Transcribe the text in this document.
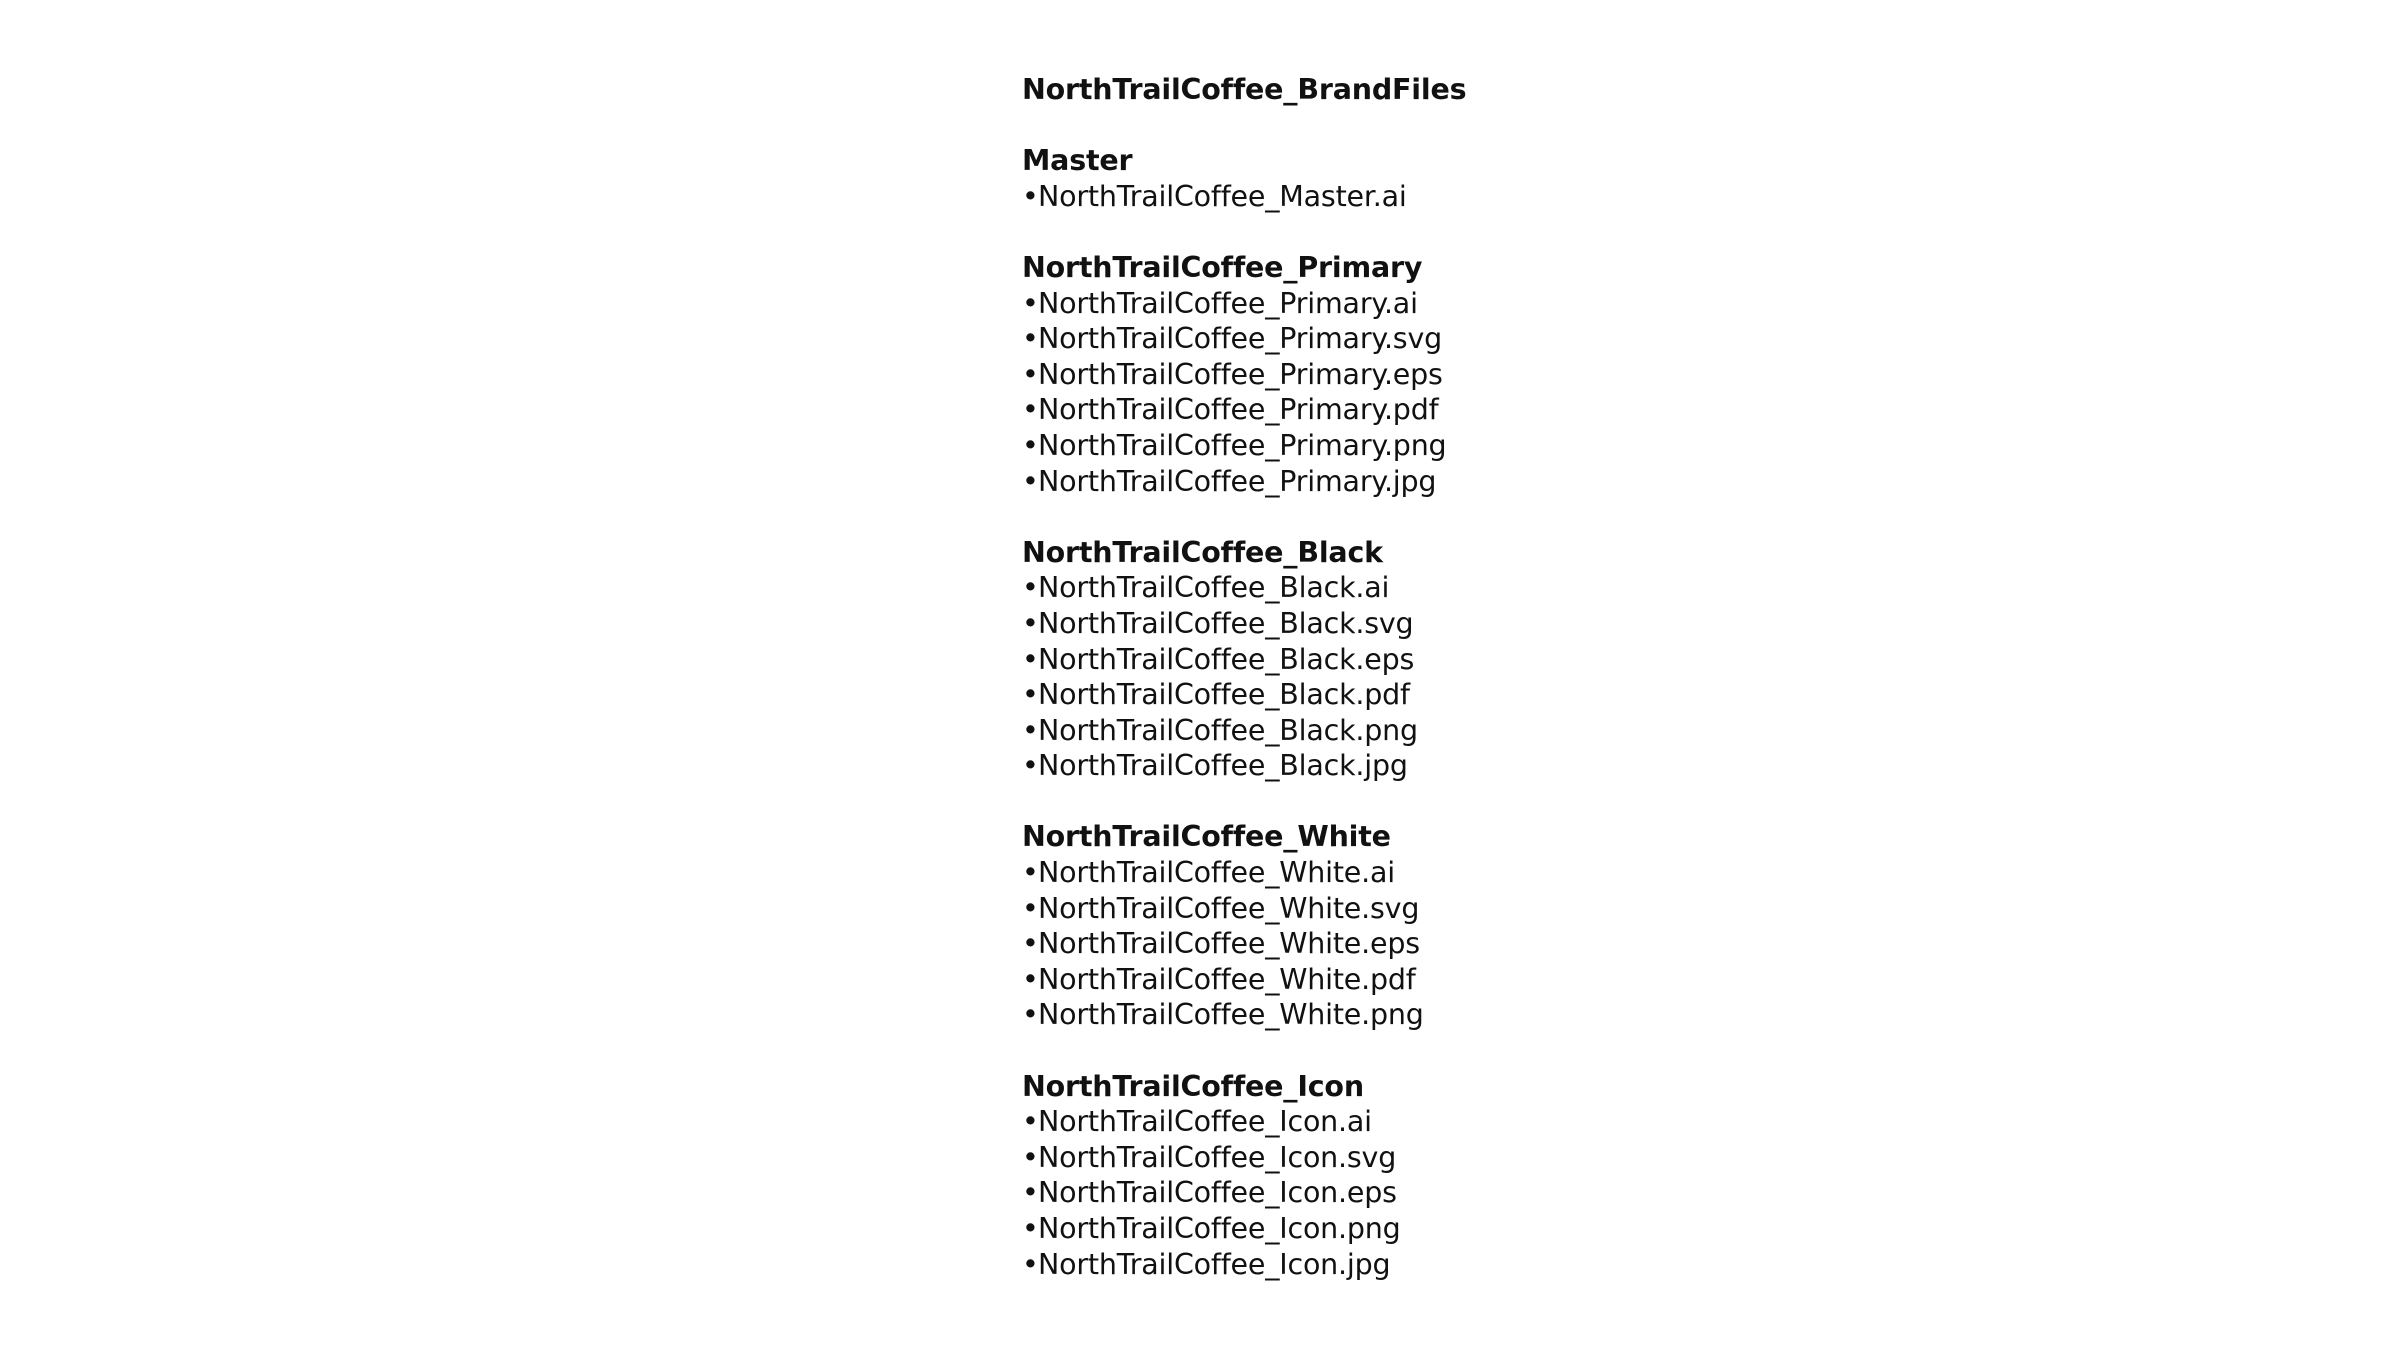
NorthTrailCoffee_BrandFiles
Master
•NorthTrailCoffee_Master.ai
NorthTrailCoffee_Primary
•NorthTrailCoffee_Primary.ai
•NorthTrailCoffee_Primary.svg
•NorthTrailCoffee_Primary.eps
•NorthTrailCoffee_Primary.pdf
•NorthTrailCoffee_Primary.png
•NorthTrailCoffee_Primary.jpg
NorthTrailCoffee_Black
•NorthTrailCoffee_Black.ai
•NorthTrailCoffee_Black.svg
•NorthTrailCoffee_Black.eps
•NorthTrailCoffee_Black.pdf
•NorthTrailCoffee_Black.png
•NorthTrailCoffee_Black.jpg
NorthTrailCoffee_White
•NorthTrailCoffee_White.ai
•NorthTrailCoffee_White.svg
•NorthTrailCoffee_White.eps
•NorthTrailCoffee_White.pdf
•NorthTrailCoffee_White.png
NorthTrailCoffee_Icon
•NorthTrailCoffee_Icon.ai
•NorthTrailCoffee_Icon.svg
•NorthTrailCoffee_Icon.eps
•NorthTrailCoffee_Icon.png
•NorthTrailCoffee_Icon.jpg
